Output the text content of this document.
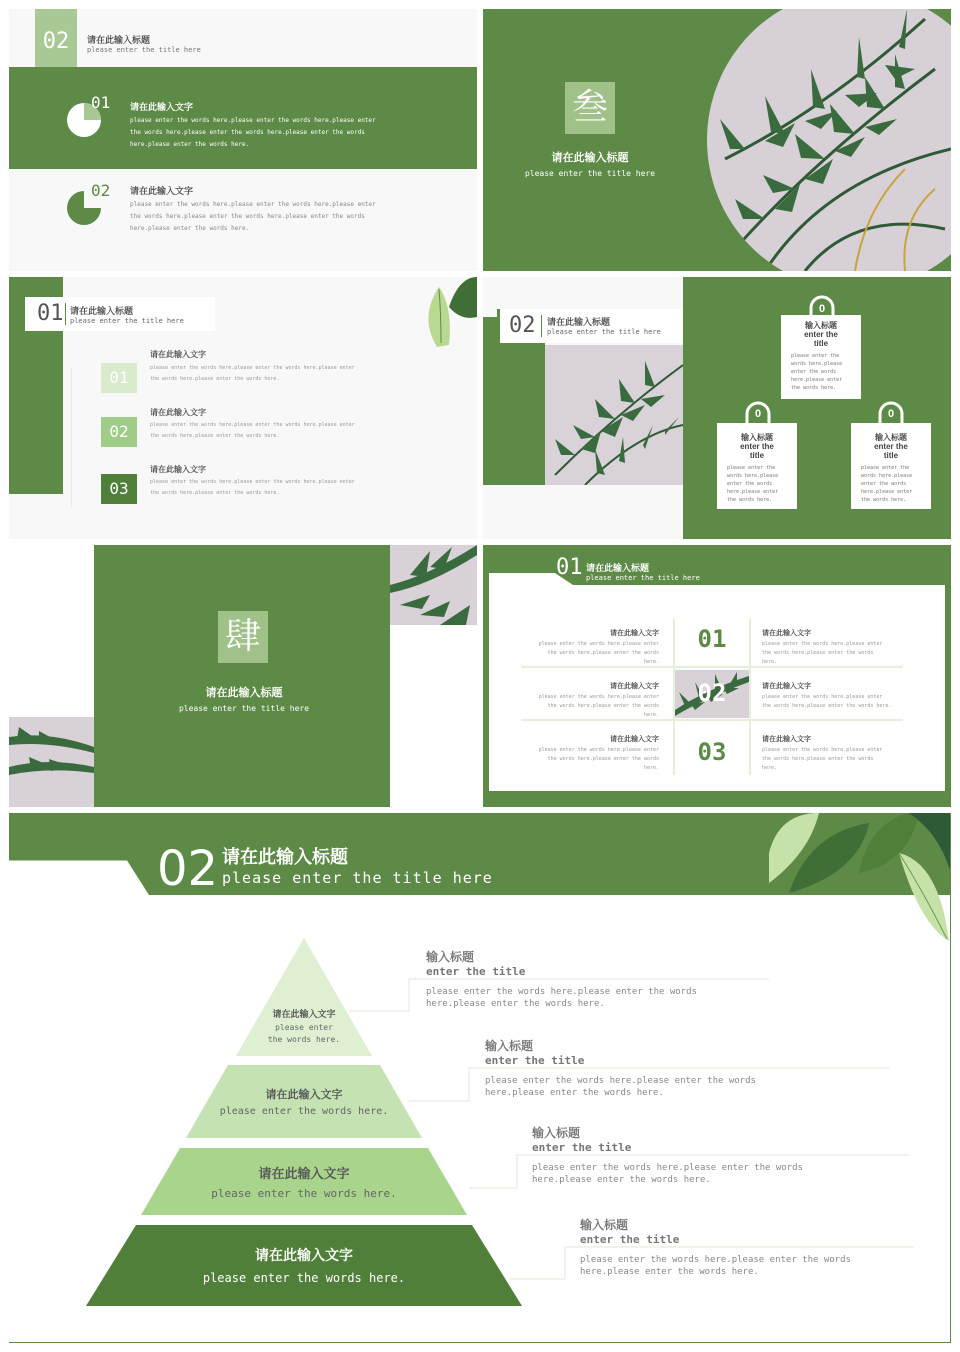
02	请在此输入标题
please enter the title here
01 请在此输入文字
please enter the words here.please enter the words here.please enter
the words here.please enter the words here.please enter the words
here.please enter the words here.
02 请在此输入文字
please enter the words here.please enter the words here.please enter
the words here.please enter the words here.please enter the words
here.please enter the words here.
叁
请在此输入标题
please enter the title here
01 请在此输入标题
please enter the title here
01
请在此输入文字
please enter the words here.please enter the words here.please enter
the words here.please enter the words here.
02
请在此输入文字
please enter the words here.please enter the words here.please enter
the words here.please enter the words here.
03
请在此输入文字
please enter the words here.please enter the words here.please enter
the words here.please enter the words here.
02 请在此输入标题
please enter the title here
输入标题
enter the
title
please enter the
words here.please
enter the words
here.please enter
the words here.
0
输入标题
enter the
title
please enter the
words here.please
enter the words
here.please enter
the words here.
0
输入标题
enter the
title
please enter the
words here.please
enter the words
here.please enter
the words here.
0
肆
请在此输入标题
please enter the title here
01 请在此输入标题
please enter the title here
01
02
03
请在此输入文字
please enter the words here.please enter
the words here.please enter the words
here.
请在此输入文字
please enter the words here.please enter
the words here.please enter the words
here.
请在此输入文字
please enter the words here.please enter
the words here.please enter the words
here.
请在此输入文字
please enter the words here.please enter
the words here.please enter the words
here.
请在此输入文字
please enter the words here.please enter
the words here.please enter the words here.
请在此输入文字
please enter the words here.please enter
the words here.please enter the words
here.
02 请在此输入标题
please enter the title here
请在此输入文字
please enter
the words here.
请在此输入文字
please enter the words here.
请在此输入文字
please enter the words here.
请在此输入文字
please enter the words here.
输入标题
enter the title
please enter the words here.please enter the words
here.please enter the words here.
输入标题
enter the title
please enter the words here.please enter the words
here.please enter the words here.
输入标题
enter the title
please enter the words here.please enter the words
here.please enter the words here.
输入标题
enter the title
please enter the words here.please enter the words
here.please enter the words here.
